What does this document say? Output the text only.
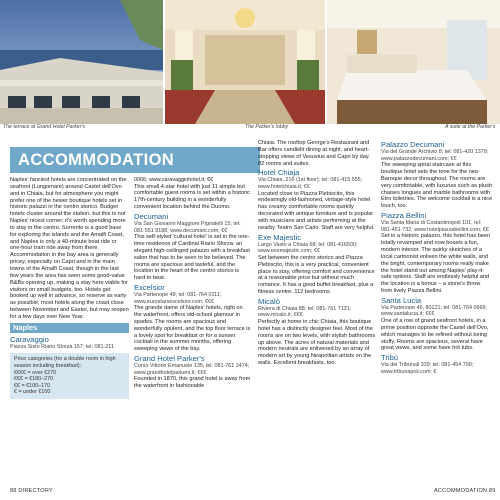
The terrace at Grand Hotel Parker's	The Parker's lobby	A suite at the Parker's
ACCOMMODATION

Naples' fanciest hotels are concentrated on the seafront (Lungomare) around Castel dell'Ovo and in Chiaia, but for atmosphere you might prefer one of the newer boutique hotels set in historic palazzi in the centro storico. Budget hotels cluster around the station, but this is not Naples' nicest corner; it's worth spending more to stay in the centro. Sorrento is a good base for exploring the islands and the Amalfi Coast, and Naples is only a 40-minute boat ride or one-hour train ride away from there. Accommodation in the bay area is generally pricey, especially on Capri and in the main towns of the Amalfi Coast, though in the last few years the area has seen some good-value B&Bs opening up, making a stay here viable for visitors on small budgets, too. Hotels get booked up well in advance, so reserve as early as possible; most hotels along the coast close between November and Easter, but may reopen for a few days over New Year.

Naples
Caravaggio
Piazza Sisto Riario Sforza 157; tel: 081-211
Price categories (for a double room in high season including breakfast):
€€€€ = over €270
€€€ = €180–270
€€ = €100–170
€ = under €100

0066; www.caravaggiohotel.it; €€

This small 4-star hotel with just 11 simple but comfortable guest rooms is set within a historic 17th-century building in a wonderfully convenient location behind the Duomo.

Decumani
Via San Giovanni Maggiore Pignatelli 15; tel: 081-551 8188; www.decumani.com; €€

This self-styled 'cultural hotel' is set in the one-time residence of Cardinal Riario Sforza: an elegant high-ceilinged palazzo with a breakfast salon that has to be seen to be believed. The rooms are spacious and tasteful, and the location in the heart of the centro storico is hard to beat.

Excelsior
Via Partenope 48; tel: 081-764 0111; www.eurostarsexcelsior.com; €€€

The grande dame of Naples' hotels, right on the waterfront, offers old-school glamour in spades. The rooms are spacious and wonderfully opulent, and the top floor terrace is a lovely spot for breakfast or for a sunset cocktail in the summer months, offering sweeping views of the bay.

Grand Hotel Parker's
Corso Vittorio Emanuele 135; tel: 081-761 2474; www.grandhotelparkers.it; €€€

Founded in 1870, this grand hotel is away from the waterfront in fashionable

Chiaia. The rooftop George's Restaurant and Bar offers candlelit dining at night, and heart-stopping views of Vesuvius and Capri by day. 82 rooms and suites.

Hotel Chiaja
Via Chiaia, 216 (1st floor); tel: 081-415 555; www.hotelchiaia.it; €€

Located close to Piazza Plebiscito, this endearingly old-fashioned, vintage-style hotel has creamy comfortable rooms quirkily decorated with antique furniture and is popular with musicians and artists performing at the nearby Teatro San Carlo. Staff are very helpful.

Exe Majestic
Largo Vasto a Chiaia 68; tel: 081-416500; www.exemajestic.com; €€

Set between the centro storico and Piazza Plebiscito, this is a very practical, convenient place to stay, offering comfort and convenience at a reasonable price but without much romance. It has a good buffet breakfast, plus a fitness centre. 112 bedrooms.

Micalò
Riviera di Chiaia 88; tel: 081-761 7131; www.micalo.it; €€€

Perfectly at home in chic Chiaia, this boutique hotel has a distinctly designer feel. Most of the rooms are on two levels, with stylish bathrooms up above. The acres of natural materials and modern neutrals are enlivened by an array of modern art by young Neapolitan artists on the walls. Excellent breakfasts, too.

Palazzo Decumani
Via del Grande Archivio 8; tel: 081-420 1379; www.palazzodecumani.com; €€

The sweeping spiral staircase at this boutique hotel sets the tone for the neo-Baroque decor throughout. The rooms are very comfortable, with luxuries such as plush chaises longues and marble bathrooms with Etro toiletries. The welcome cocktail is a nice touch, too.

Piazza Bellini
Via Santa Maria di Costantinopoli 101; tel: 081-451 732; www.hotelpiazzabellini.com; €€

Set in a historic palazzo, this hotel has been totally revamped and now boasts a fun, modern interior. The quirky sketches of a local cartoonist enliven the white walls, and the bright, contemporary rooms really make the hotel stand out among Naples' play-it-safe options. Staff are endlessly helpful and the location is a bonus – a stone's throw from lively Piazza Bellini.

Santa Lucia
Via Partenope 46, 80121; tel: 081-764 0666; www.santalucia.it; €€€

One of a row of grand seafront hotels, in a prime position opposite the Castel dell'Ovo, which manages to be refined without being stuffy. Rooms are spacious, several have great views, and some have hot tubs.

Tribù
Via dei Tribunali 339; tel: 081-454 799; www.tribunapoli.com; €
88 DIRECTORY	ACCOMMODATION 89
